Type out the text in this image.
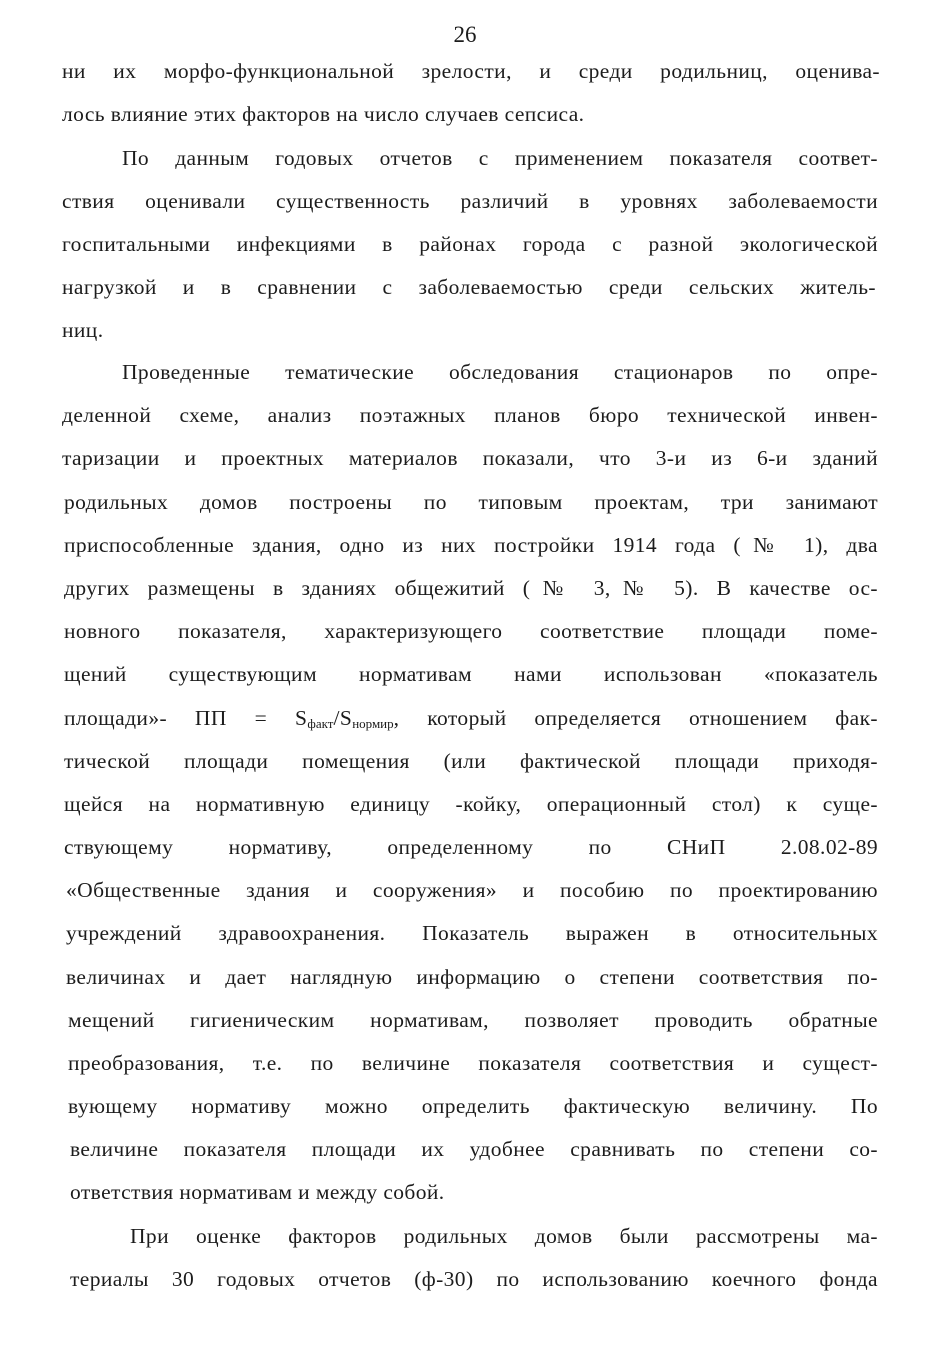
26
ни их морфо-функциональной зрелости, и среди родильниц, оценива-
лось влияние этих факторов на число случаев сепсиса.
По данным годовых отчетов с применением показателя соответ-
ствия оценивали существенность различий в уровнях заболеваемости
госпитальными инфекциями в районах города с разной экологической
нагрузкой и в сравнении с заболеваемостью среди сельских житель-
ниц.
Проведенные тематические обследования стационаров по опре-
деленной схеме, анализ поэтажных планов бюро технической инвен-
таризации и проектных материалов показали, что 3-и из 6-и зданий
родильных домов построены по типовым проектам, три занимают
приспособленные здания, одно из них постройки 1914 года (№ 1), два
других размещены в зданиях общежитий (№ 3,№ 5). В качестве ос-
новного показателя, характеризующего соответствие площади поме-
щений существующим нормативам нами использован «показатель
площади»- ПП = $S_{факт}/S_{нормир}$, который определяется отношением фак-
тической площади помещения (или фактической площади приходя-
щейся на нормативную единицу -койку, операционный стол) к суще-
ствующему нормативу, определенному по СНиП 2.08.02-89
«Общественные здания и сооружения» и пособию по проектированию
учреждений здравоохранения. Показатель выражен в относительных
величинах и дает наглядную информацию о степени соответствия по-
мещений гигиеническим нормативам, позволяет проводить обратные
преобразования, т.е. по величине показателя соответствия и сущест-
вующему нормативу можно определить фактическую величину. По
величине показателя площади их удобнее сравнивать по степени со-
ответствия нормативам и между собой.
При оценке факторов родильных домов были рассмотрены ма-
териалы 30 годовых отчетов (ф-30) по использованию коечного фонда
